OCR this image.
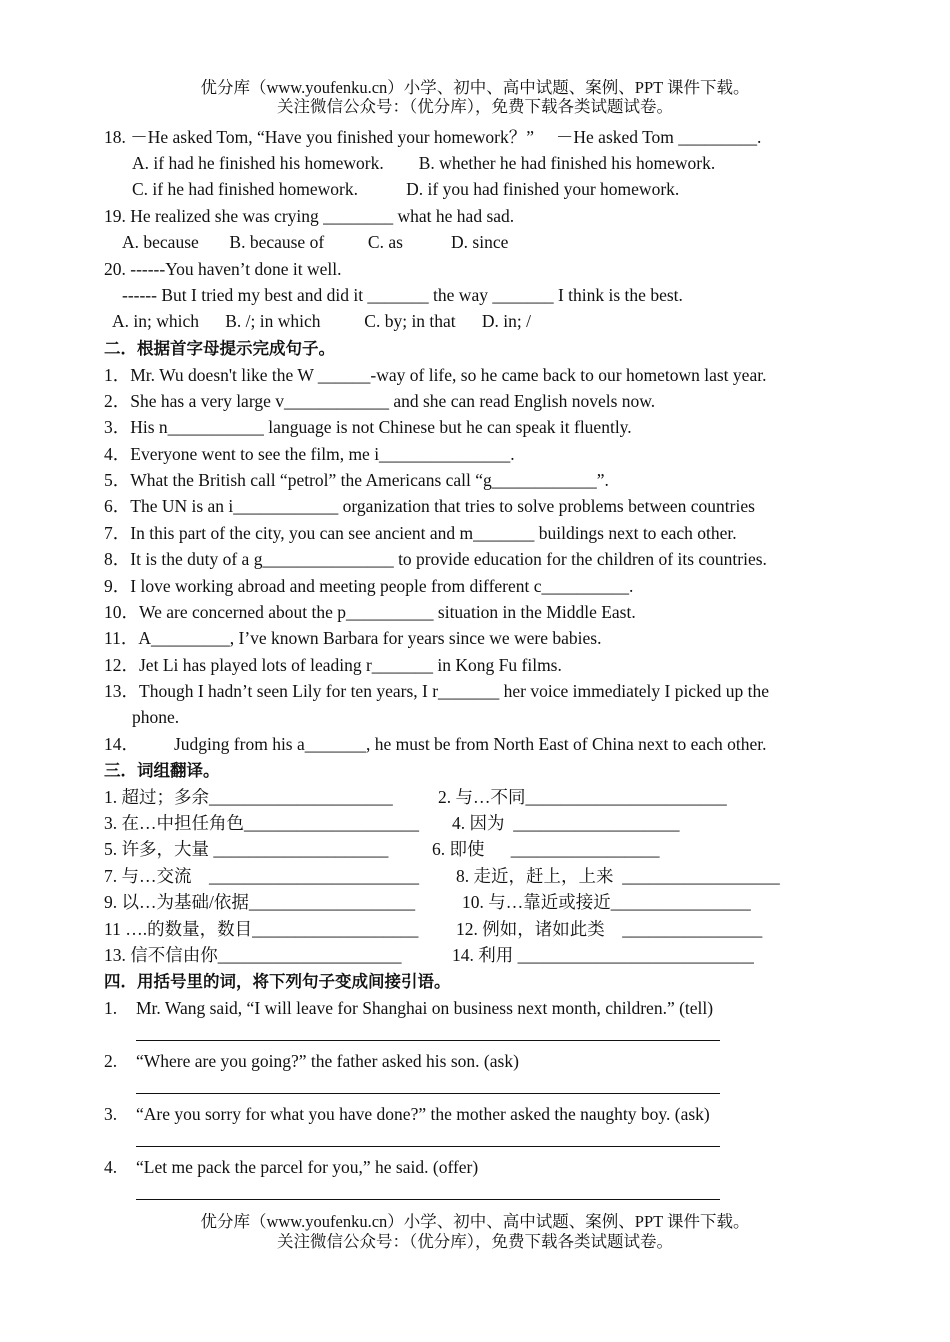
优分库（www.youfenku.cn）小学、初中、高中试题、案例、PPT 课件下载。
关注微信公众号：（优分库），免费下载各类试题试卷。
18. －He asked Tom, “Have you finished your homework？”     －He asked Tom _________.
A. if had he finished his homework.        B. whether he had finished his homework.
C. if he had finished homework.           D. if you had finished your homework.
19. He realized she was crying ________ what he had sad.
A. because       B. because of          C. as           D. since
20. ------You haven’t done it well.
------ But I tried my best and did it _______ the way _______ I think is the best.
A. in; which      B. /; in which          C. by; in that      D. in; /
二．根据首字母提示完成句子。
1．Mr. Wu doesn't like the W ______-way of life, so he came back to our hometown last year.
2．She has a very large v____________ and she can read English novels now.
3．His n___________ language is not Chinese but he can speak it fluently.
4．Everyone went to see the film, me i_______________.
5．What the British call “petrol” the Americans call “g____________”.
6．The UN is an i____________ organization that tries to solve problems between countries
7．In this part of the city, you can see ancient and m_______ buildings next to each other.
8．It is the duty of a g_______________ to provide education for the children of its countries.
9．I love working abroad and meeting people from different c__________.
10．We are concerned about the p__________ situation in the Middle East.
11．A_________, I’ve known Barbara for years since we were babies.
12．Jet Li has played lots of leading r_______ in Kong Fu films.
13．Though I hadn’t seen Lily for ten years, I r_______ her voice immediately I picked up the
phone.
14．        Judging from his a_______, he must be from North East of China next to each other.
三．词组翻译。
1. 超过；多余_____________________	2. 与…不同_______________________
3. 在…中担任角色____________________ 4. 因为  ___________________
5. 许多，大量 ____________________ 6. 即使      _________________
7. 与…交流    ________________________ 8. 走近，赶上，上来  __________________
9. 以…为基础/依据___________________	10. 与…靠近或接近________________
11 ….的数量，数目___________________ 12. 例如，诸如此类    ________________
13. 信不信由你_____________________	14. 利用 ___________________________
四．用括号里的词，将下列句子变成间接引语。
1. Mr. Wang said, “I will leave for Shanghai on business next month, children.” (tell)
2. “Where are you going?” the father asked his son. (ask)
3. “Are you sorry for what you have done?” the mother asked the naughty boy. (ask)
4. “Let me pack the parcel for you,” he said. (offer)
优分库（www.youfenku.cn）小学、初中、高中试题、案例、PPT 课件下载。
关注微信公众号：（优分库），免费下载各类试题试卷。
